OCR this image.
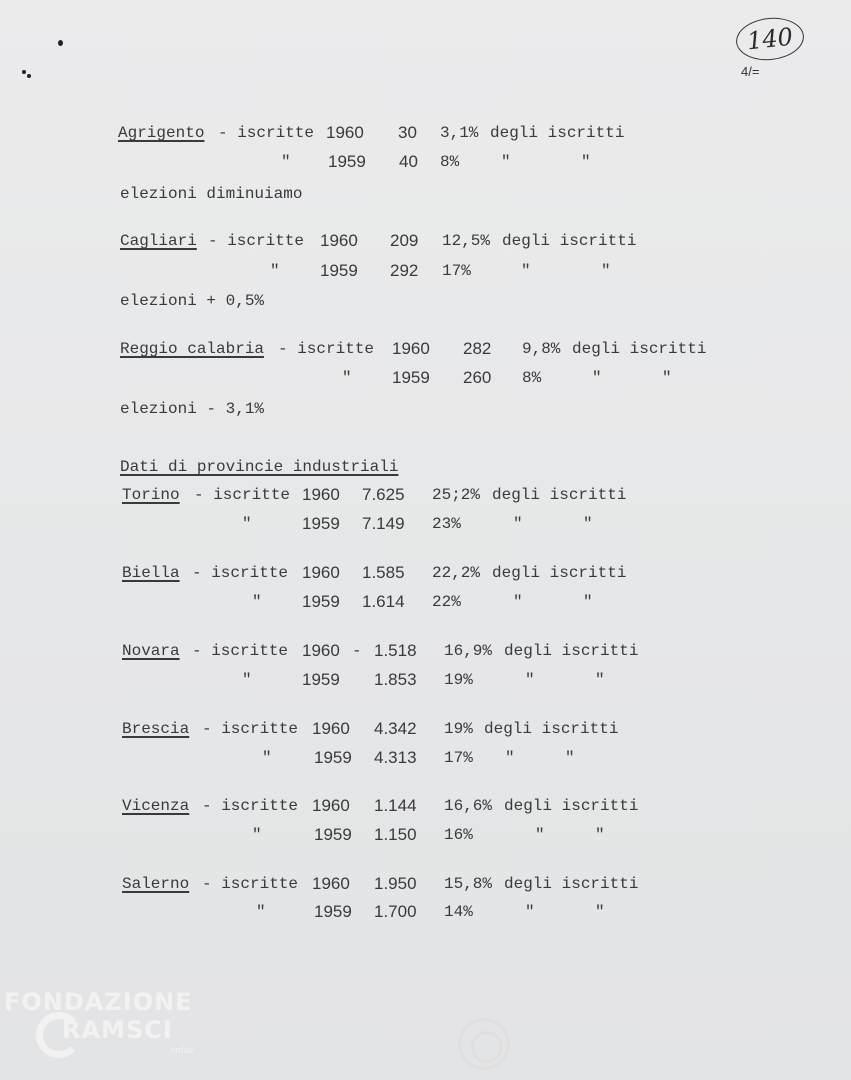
140
4/=
Agrigento - iscritte 1960 30 3,1% degli iscritti
" 1959 40 8%	"	"
elezioni diminuiamo
Cagliari - iscritte 1960 209 12,5% degli iscritti
" 1959 292 17%	"	"
elezioni + 0,5%
Reggio calabria - iscritte 1960 282 9,8% degli iscritti
" 1959 260 8%	"	"
elezioni - 3,1%
Dati di provincie industriali
Torino - iscritte 1960 7.625 25;2% degli iscritti
"	1959 7.149 23%	"	"
Biella - iscritte 1960 1.585 22,2% degli iscritti
" 1959 1.614 22%	"	"
Novara - iscritte 1960 - 1.518 16,9% degli iscritti
"	1959 1.853 19%	"	"
Brescia - iscritte 1960 4.342 19% degli iscritti
" 1959 4.313 17% "	"
Vicenza - iscritte 1960 1.144 16,6% degli iscritti
"	1959 1.150 16%	"	"
Salerno - iscritte 1960 1.950 15,8% degli iscritti
"	1959 1.700 14%	"	"
FONDAZIONE
RAMSCI
onlus
